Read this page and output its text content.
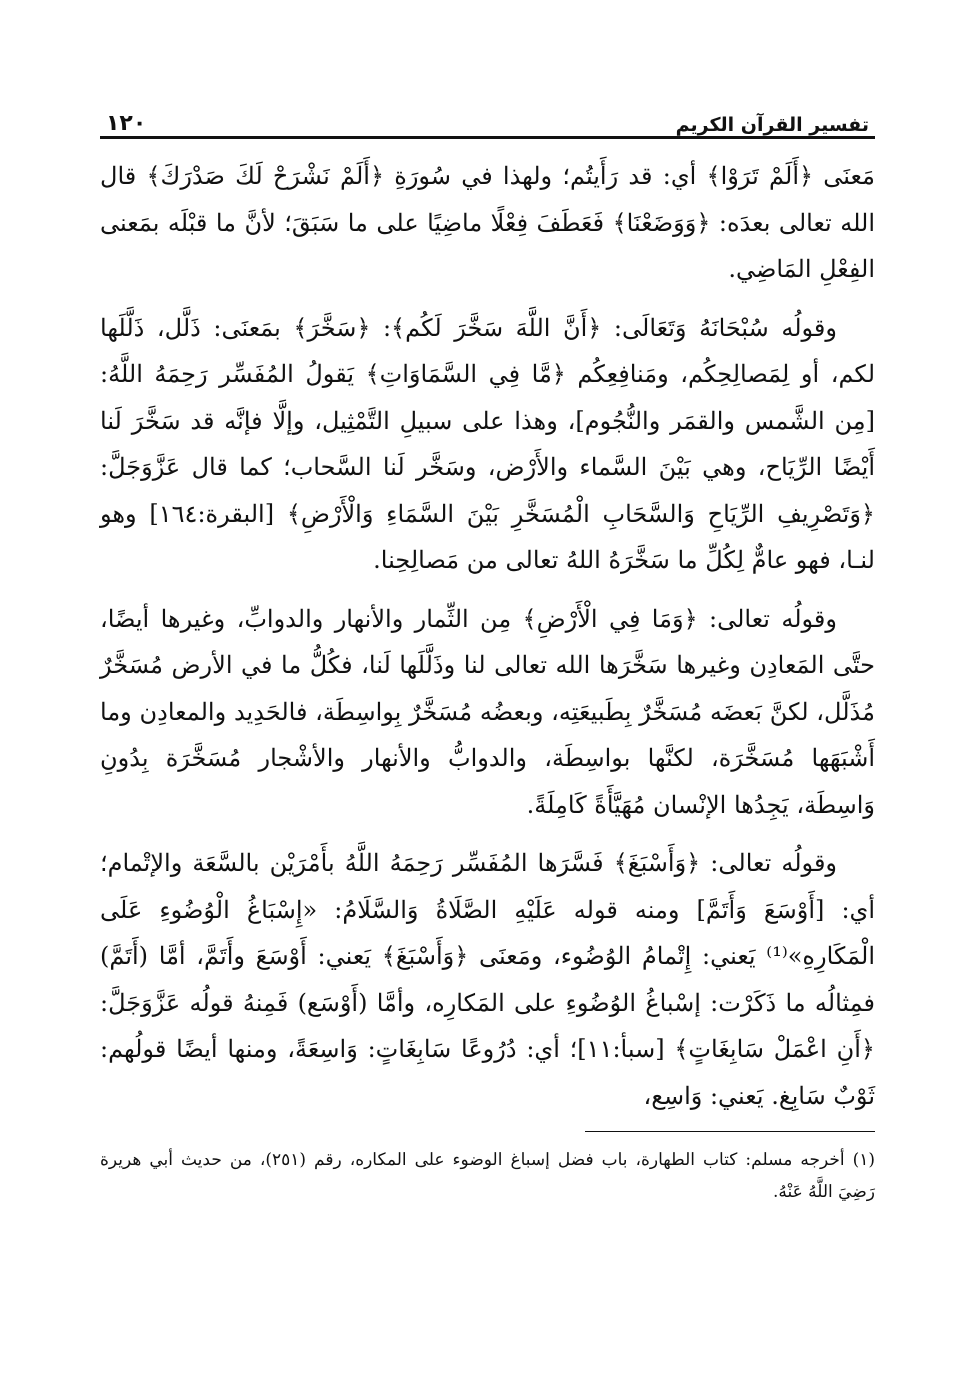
تفسير القرآن الكريم
١٢٠

مَعنَى ﴿أَلَمْ تَرَوْا﴾ أي: قد رَأَيتُم؛ ولهذا في سُورَةِ ﴿أَلَمْ نَشْرَحْ لَكَ صَدْرَكَ﴾ قال الله تعالى بعدَه: ﴿وَوَضَعْنَا﴾ فَعَطَفَ فِعْلًا ماضِيًا على ما سَبَقَ؛ لأنَّ ما قبْلَه بمَعنى الفِعْلِ المَاضِي.

وقولُه سُبْحَانَهُ وَتَعَالَى: ﴿أَنَّ اللَّهَ سَخَّرَ لَكُم﴾: ﴿سَخَّرَ﴾ بمَعنَى: ذَلَّل، ذَلَّلَها لكم، أو لِمَصالِحِكُم، ومَنافِعِكُم ﴿مَّا فِي السَّمَاوَاتِ﴾ يَقولُ المُفَسِّر رَحِمَهُ اللَّهُ: [مِن الشَّمس والقمَر والنُّجُوم]، وهذا على سبيلِ التَّمْثِيل، وإلَّا فإنَّه قد سَخَّرَ لَنا أَيْضًا الرِّيَاح، وهي بَيْنَ السَّماء والأَرْض، وسَخَّر لَنا السَّحاب؛ كما قال عَزَّوَجَلَّ: ﴿وَتَصْرِيفِ الرِّيَاحِ وَالسَّحَابِ الْمُسَخَّرِ بَيْنَ السَّمَاءِ وَالْأَرْضِ﴾ [البقرة:١٦٤] وهو لنـا، فهو عامٌّ لِكُلِّ ما سَخَّرَهُ اللهُ تعالى من مَصالِحِنا.

وقولُه تعالى: ﴿وَمَا فِي الْأَرْضِ﴾ مِن الثِّمار والأنهار والدوابِّ، وغيرها أيضًا، حتَّى المَعادِن وغيرها سَخَّرَها الله تعالى لنا وذَلَّلَها لَنا، فكُلُّ ما في الأرض مُسَخَّرٌ مُذَلَّل، لكنَّ بَعضَه مُسَخَّرٌ بِطَبيعَتِه، وبعضُه مُسَخَّرٌ بِواسِطَة، فالحَدِيد والمعادِن وما أَشْبَهَها مُسَخَّرَة، لكنَّها بواسِطَة، والدوابُّ والأنهار والأشْجار مُسَخَّرَة بِدُونِ وَاسِطَة، يَجِدُها الإنْسان مُهَيَّأَةً كَامِلَةً.

وقولُه تعالى: ﴿وَأَسْبَغَ﴾ فَسَّرَها المُفَسِّر رَحِمَهُ اللَّهُ بأَمْرَيْن بالسَّعَة والإتْمام؛ أي: [أَوْسَعَ وَأَتَمَّ] ومنه قوله عَلَيْهِ الصَّلَاةُ وَالسَّلَامُ: «إِسْبَاغُ الْوُضُوءِ عَلَى الْمَكَارِهِ»⁽¹⁾ يَعني: إِتْمامُ الوُضُوء، ومَعنَى ﴿وَأَسْبَغَ﴾ يَعني: أَوْسَعَ وأَتَمَّ، أمَّا (أَتَمَّ) فمِثالُه ما ذَكَرْت: إسْباغُ الوُضُوءِ على المَكارِه، وأمَّا (أَوْسَع) فَمِنهُ قولُه عَزَّوَجَلَّ: ﴿أَنِ اعْمَلْ سَابِغَاتٍ﴾ [سبأ:١١]؛ أي: دُرُوعًا سَابِغَاتٍ: وَاسِعَةً، ومنها أيضًا قولُهم: ثَوْبٌ سَابِغ. يَعني: وَاسِع،

(١) أخرجه مسلم: كتاب الطهارة، باب فضل إسباغ الوضوء على المكاره، رقم (٢٥١)، من حديث أبي هريرة رَضِيَ اللَّهُ عَنْهُ.
